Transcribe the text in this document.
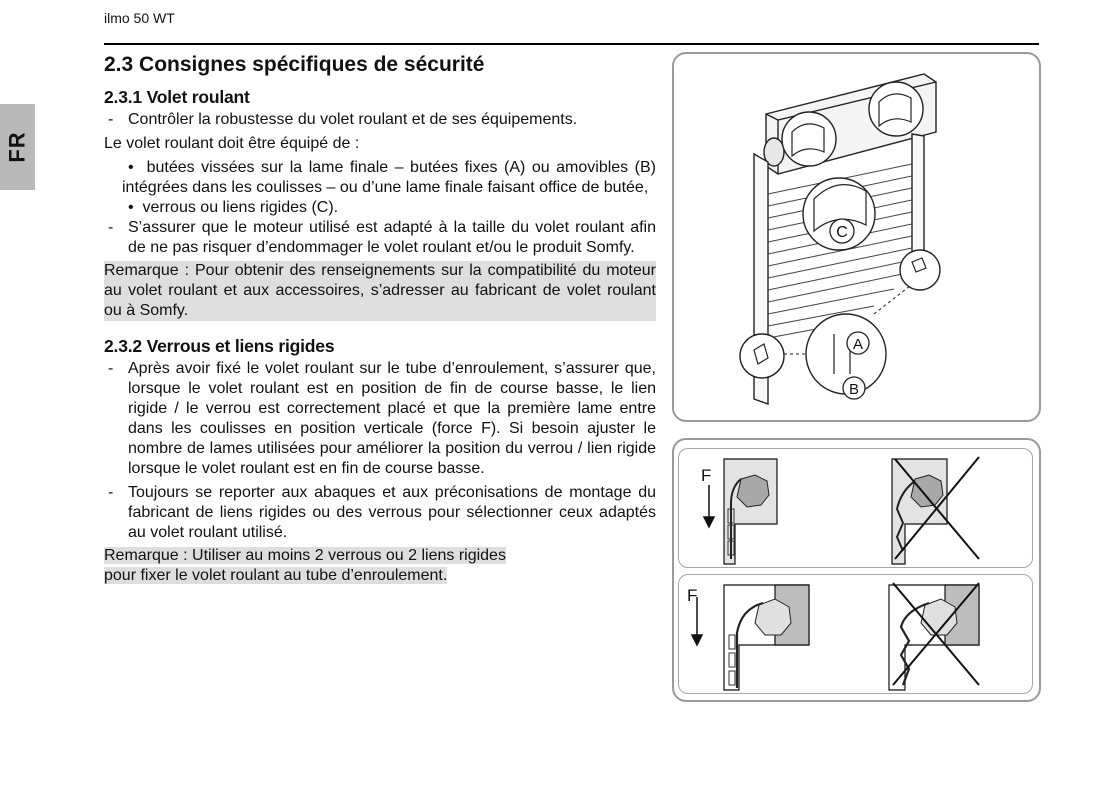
ilmo 50 WT
FR
2.3 Consignes spécifiques de sécurité
2.3.1 Volet roulant

- Contrôler la robustesse du volet roulant et de ses équipements.

Le volet roulant doit être équipé de :

•  butées vissées sur la lame finale – butées fixes (A) ou amovibles (B) intégrées dans les coulisses – ou d’une lame finale faisant office de butée,

•  verrous ou liens rigides (C).

- S’assurer que le moteur utilisé est adapté à la taille du volet roulant afin de ne pas risquer d’endommager le volet roulant et/ou le produit Somfy.

Remarque : Pour obtenir des renseignements sur la compatibilité du moteur au volet roulant et aux accessoires, s’adresser au fabricant de volet roulant ou à Somfy.

2.3.2 Verrous et liens rigides

- Après avoir fixé le volet roulant sur le tube d’enroulement, s’assurer que, lorsque le volet roulant est en position de fin de course basse, le lien rigide / le verrou est correctement placé et que la première lame entre dans les coulisses en position verticale (force F). Si besoin ajuster le nombre de lames utilisées pour améliorer la position du verrou / lien rigide lorsque le volet roulant est en fin de course basse.

- Toujours se reporter aux abaques et aux préconisations de montage du fabricant de liens rigides ou des verrous pour sélectionner ceux adaptés au volet roulant utilisé.

Remarque : Utiliser au moins 2 verrous ou 2 liens rigides
pour fixer le volet roulant au tube d’enroulement.

C
A
B
F
F
